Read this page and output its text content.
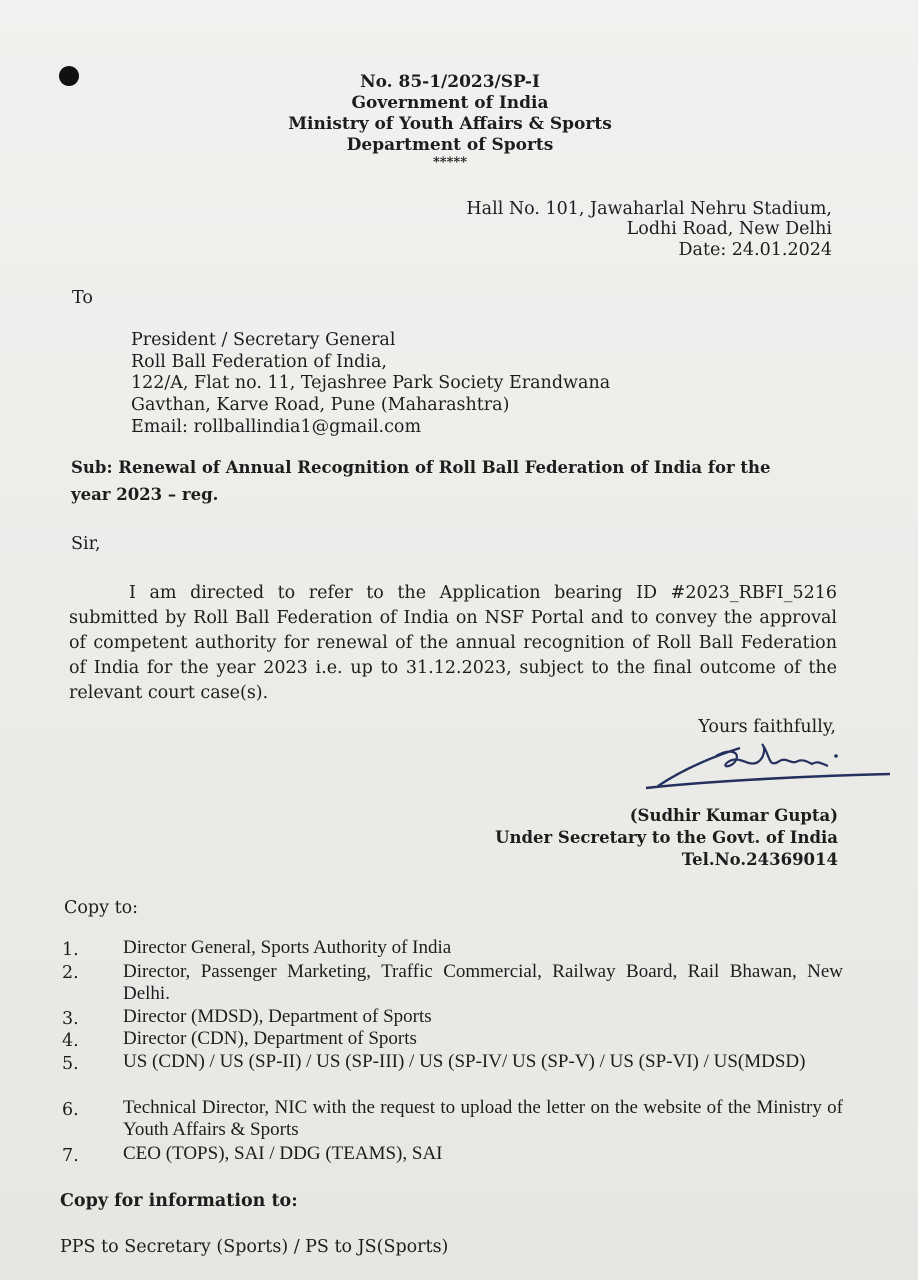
No. 85-1/2023/SP-I
Government of India
Ministry of Youth Affairs & Sports
Department of Sports
*****
Hall No. 101, Jawaharlal Nehru Stadium,
Lodhi Road, New Delhi
Date: 24.01.2024
To
President / Secretary General
Roll Ball Federation of India,
122/A, Flat no. 11, Tejashree Park Society Erandwana
Gavthan, Karve Road, Pune (Maharashtra)
Email: rollballindia1@gmail.com
Sub: Renewal of Annual Recognition of Roll Ball Federation of India for the
year 2023 – reg.
Sir,
I am directed to refer to the Application bearing ID #2023_RBFI_5216 submitted by Roll Ball Federation of India on NSF Portal and to convey the approval of competent authority for renewal of the annual recognition of Roll Ball Federation of India for the year 2023 i.e. up to 31.12.2023, subject to the final outcome of the relevant court case(s).
Yours faithfully,
(Sudhir Kumar Gupta)
Under Secretary to the Govt. of India
Tel.No.24369014
Copy to:
1. Director General, Sports Authority of India
2. Director, Passenger Marketing, Traffic Commercial, Railway Board, Rail Bhawan, New Delhi.
3. Director (MDSD), Department of Sports
4. Director (CDN), Department of Sports
5. US (CDN) / US (SP-II) / US (SP-III) / US (SP-IV/ US (SP-V) / US (SP-VI) / US(MDSD)
6. Technical Director, NIC with the request to upload the letter on the website of the Ministry of Youth Affairs & Sports
7. CEO (TOPS), SAI / DDG (TEAMS), SAI
Copy for information to:
PPS to Secretary (Sports) / PS to JS(Sports)
